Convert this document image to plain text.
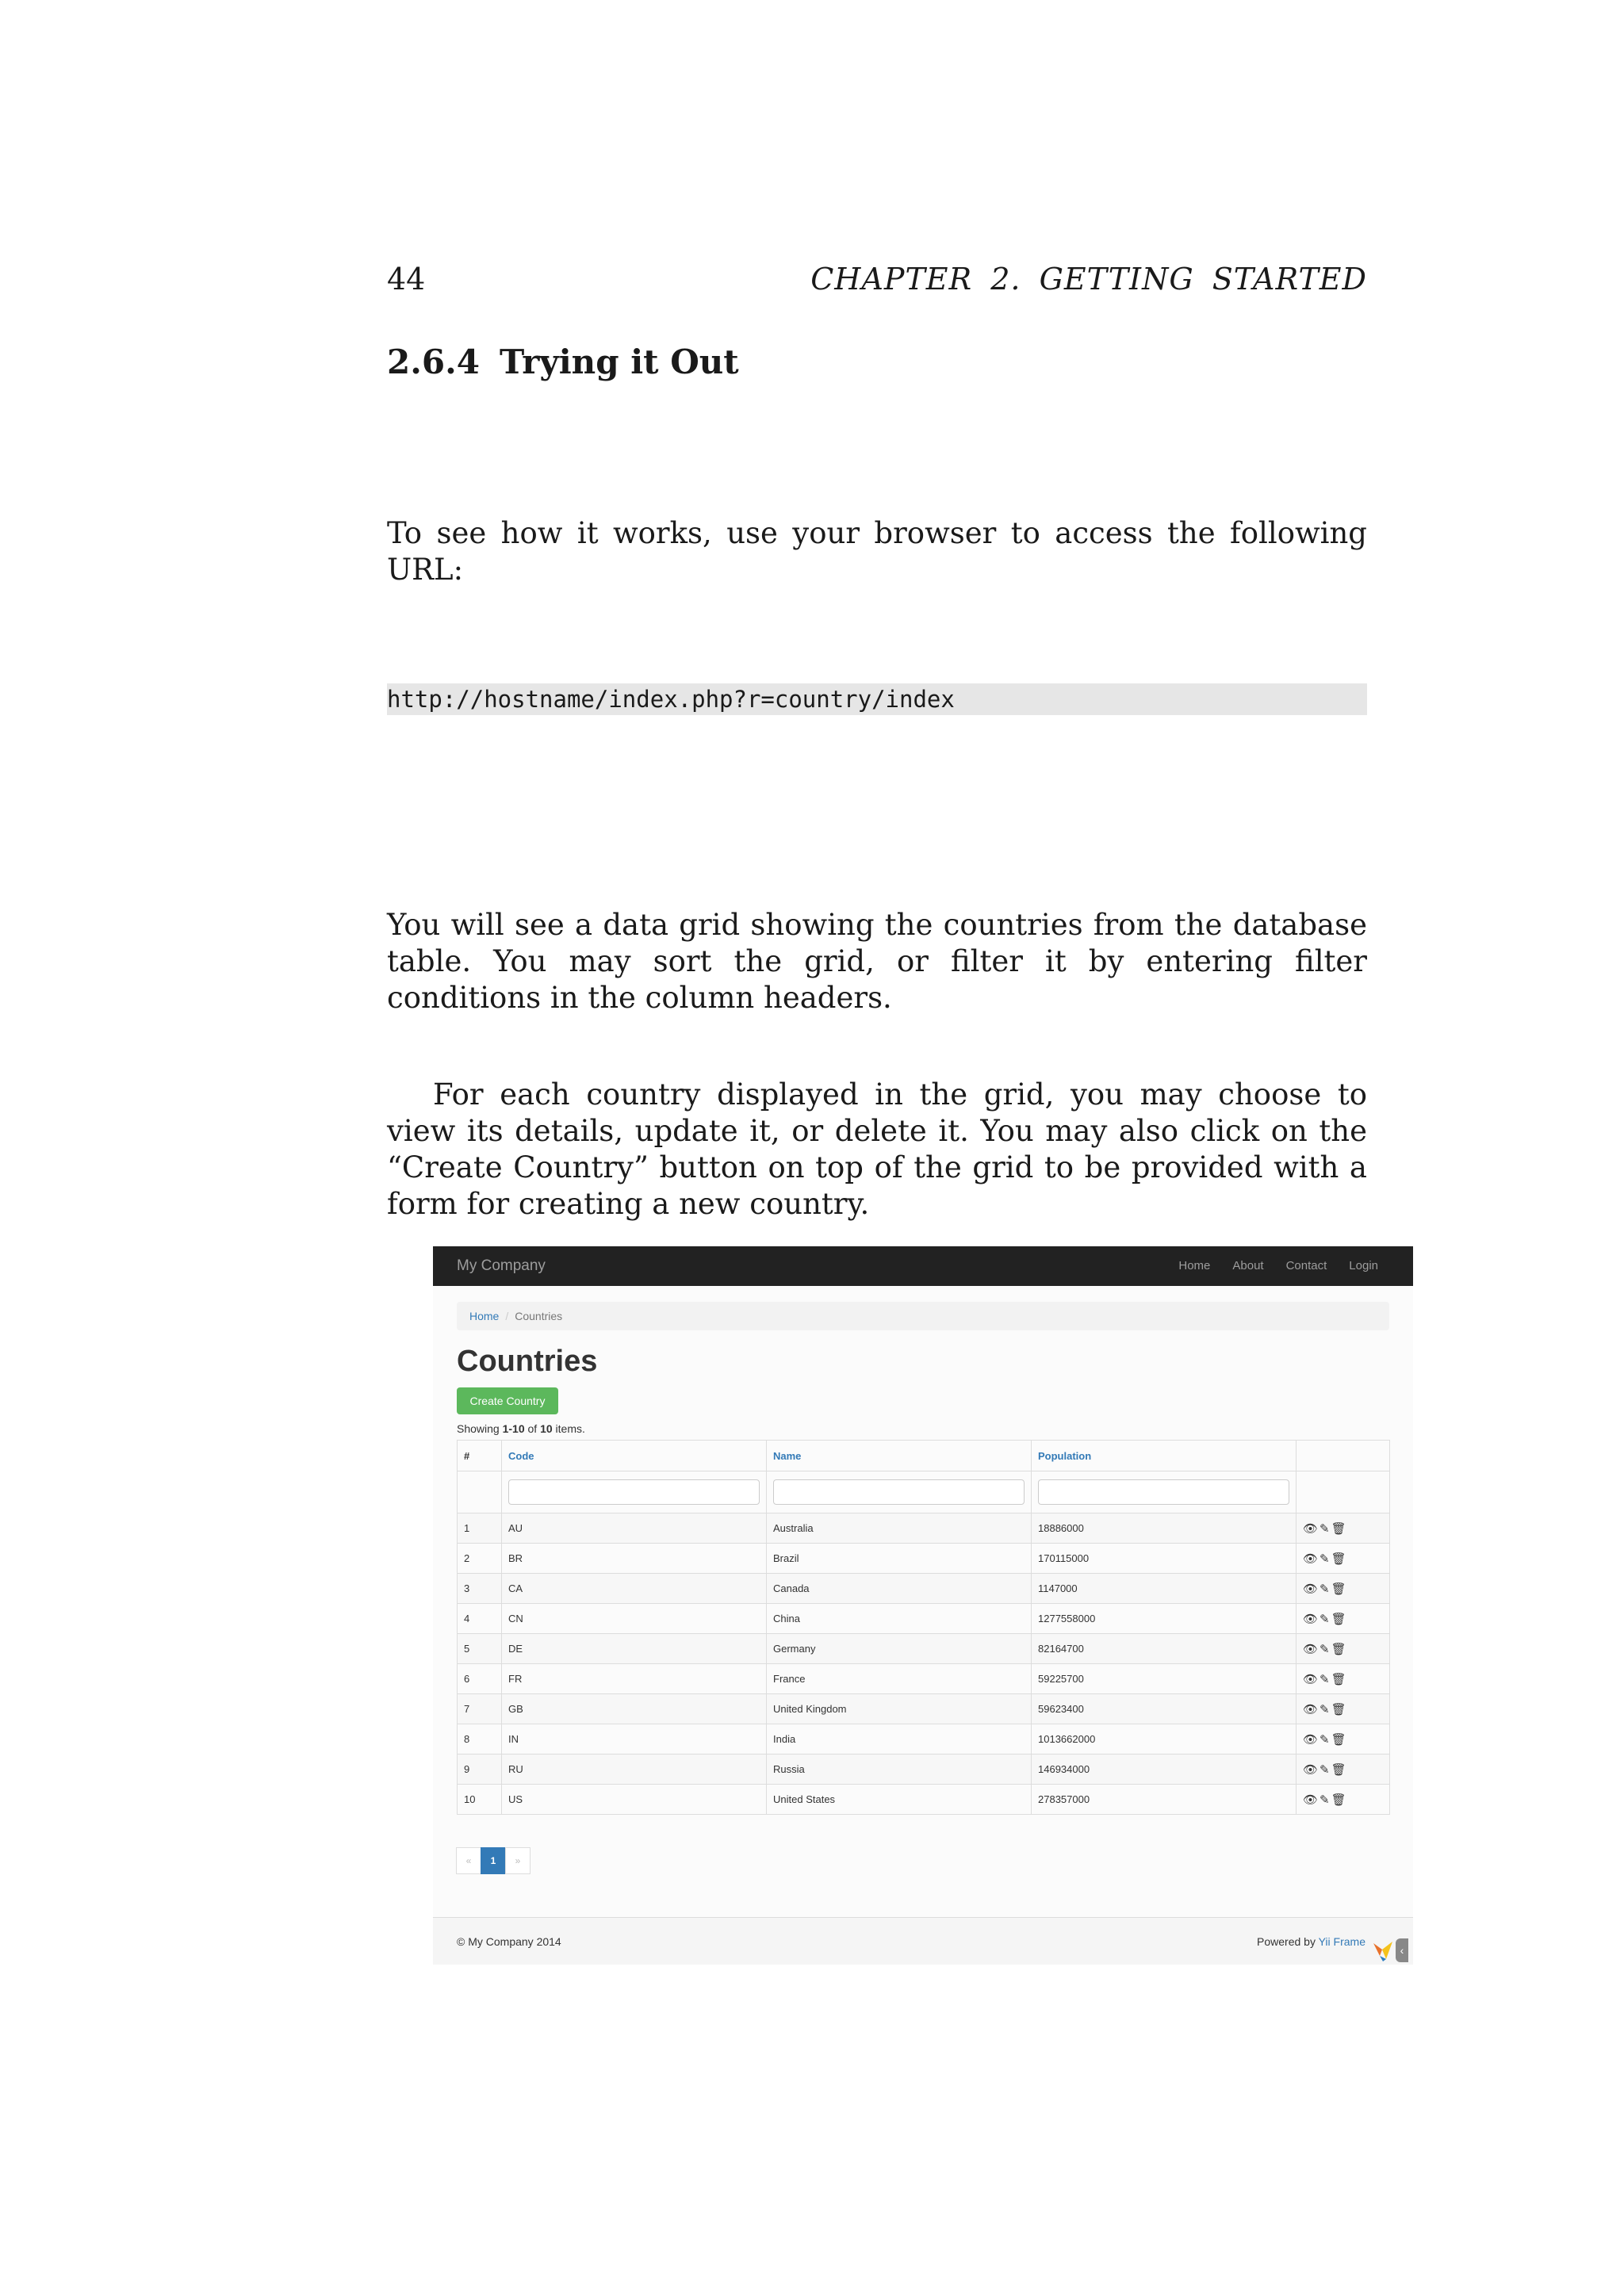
44	CHAPTER 2. GETTING STARTED
2.6.4 Trying it Out
To see how it works, use your browser to access the following URL:
http://hostname/index.php?r=country/index
You will see a data grid showing the countries from the database table. You may sort the grid, or filter it by entering filter conditions in the column headers.
For each country displayed in the grid, you may choose to view its details, update it, or delete it. You may also click on the “Create Country” button on top of the grid to be provided with a form for creating a new country.
My Company	Home	About	Contact	Login
Home / Countries
Countries
Create Country
Showing 1-10 of 10 items.
#	Code	Name	Population	

1	AU	Australia	18886000	👁✎🗑
2	BR	Brazil	170115000	👁✎🗑
3	CA	Canada	1147000	👁✎🗑
4	CN	China	1277558000	👁✎🗑
5	DE	Germany	82164700	👁✎🗑
6	FR	France	59225700	👁✎🗑
7	GB	United Kingdom	59623400	👁✎🗑
8	IN	India	1013662000	👁✎🗑
9	RU	Russia	146934000	👁✎🗑
10	US	United States	278357000	👁✎🗑
«	1	»
© My Company 2014	Powered by Yii Frame
‹
